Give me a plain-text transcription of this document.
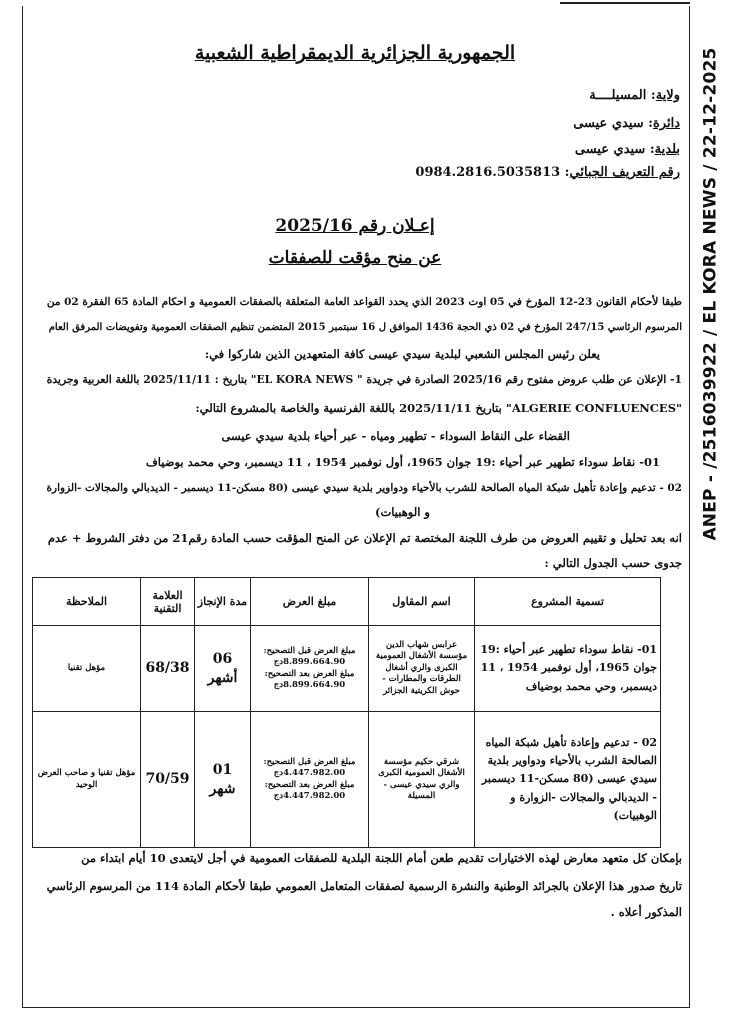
ANEP - /2516039922 / EL KORA NEWS / 22-12-2025
الجمهورية الجزائرية الديمقراطية الشعبية
ولاية: المسيلــــة
دائرة: سيدي عيسى
بلدية: سيدي عيسى
رقم التعريف الجبائي: 0984.2816.5035813
إعـلان رقم 2025/16
عن منح مؤقت للصفقات
طبقا لأحكام القانون 23-12 المؤرخ في 05 اوت 2023 الذي يحدد القواعد العامة المتعلقة بالصفقات العمومية و احكام المادة 65 الفقرة 02 من
المرسوم الرئاسي 247/15 المؤرخ في 02 ذي الحجة 1436 الموافق ل 16 سبتمبر 2015 المتضمن تنظيم الصفقات العمومية وتفويضات المرفق العام
يعلن رئيس المجلس الشعبي لبلدية سيدي عيسى كافة المتعهدين الذين شاركوا في:
1- الإعلان عن طلب عروض مفتوح رقم 2025/16 الصادرة في جريدة " EL KORA NEWS" بتاريخ : 2025/11/11 باللغة العربية وجريدة
"ALGERIE CONFLUENCES" بتاريخ 2025/11/11 باللغة الفرنسية والخاصة بالمشروع التالي:
القضاء على النقاط السوداء - تطهير ومياه - عبر أحياء بلدية سيدي عيسى
01- نقاط سوداء تطهير عبر أحياء :19 جوان 1965، أول نوفمبر 1954 ، 11 ديسمبر، وحي محمد بوضياف
02 - تدعيم وإعادة تأهيل شبكة المياه الصالحة للشرب بالأحياء ودواوير بلدية سيدي عيسى (80 مسكن-11 ديسمبر - الديدبالي والمجالات -الزوارة
و الوهبيات)
انه بعد تحليل و تقييم العروض من طرف اللجنة المختصة تم الإعلان عن المنح المؤقت حسب المادة رقم21 من دفتر الشروط + عدم
جدوى حسب الجدول التالي :
تسمية المشروع	اسم المقاول	مبلغ العرض	مدة الإنجاز	العلامة التقنية	الملاحظة
01- نقاط سوداء تطهير عبر أحياء :19 جوان 1965، أول نوفمبر 1954 ، 11 ديسمبر، وحي محمد بوضياف	عرابس شهاب الدين مؤسسة الأشغال العمومية الكبرى والري أشغال الطرقات والمطارات - حوش الكريتية الجزائر	مبلغ العرض قبل التصحيح:
8.899.664.90دج
مبلغ العرض بعد التصحيح:
8.899.664.90دج	06 أشهر	68/38	مؤهل تقنيا
02 - تدعيم وإعادة تأهيل شبكة المياه الصالحة الشرب بالأحياء ودواوير بلدية سيدي عيسى (80 مسكن-11 ديسمبر - الديدبالي والمجالات -الزوارة و الوهبيات)	شرقي حكيم مؤسسة الأشغال العمومية الكبرى والري سيدي عيسى - المسيلة	مبلغ العرض قبل التصحيح:
4.447.982.00دج
مبلغ العرض بعد التصحيح:
4.447.982.00دج	01 شهر	70/59	مؤهل تقنيا و صاحب العرض الوحيد
بإمكان كل متعهد معارض لهذه الاختيارات تقديم طعن أمام اللجنة البلدية للصفقات العمومية في أجل لايتعدى 10 أيام ابتداء من
تاريخ صدور هذا الإعلان بالجرائد الوطنية والنشرة الرسمية لصفقات المتعامل العمومي طبقا لأحكام المادة 114 من المرسوم الرئاسي
المذكور أعلاه .
